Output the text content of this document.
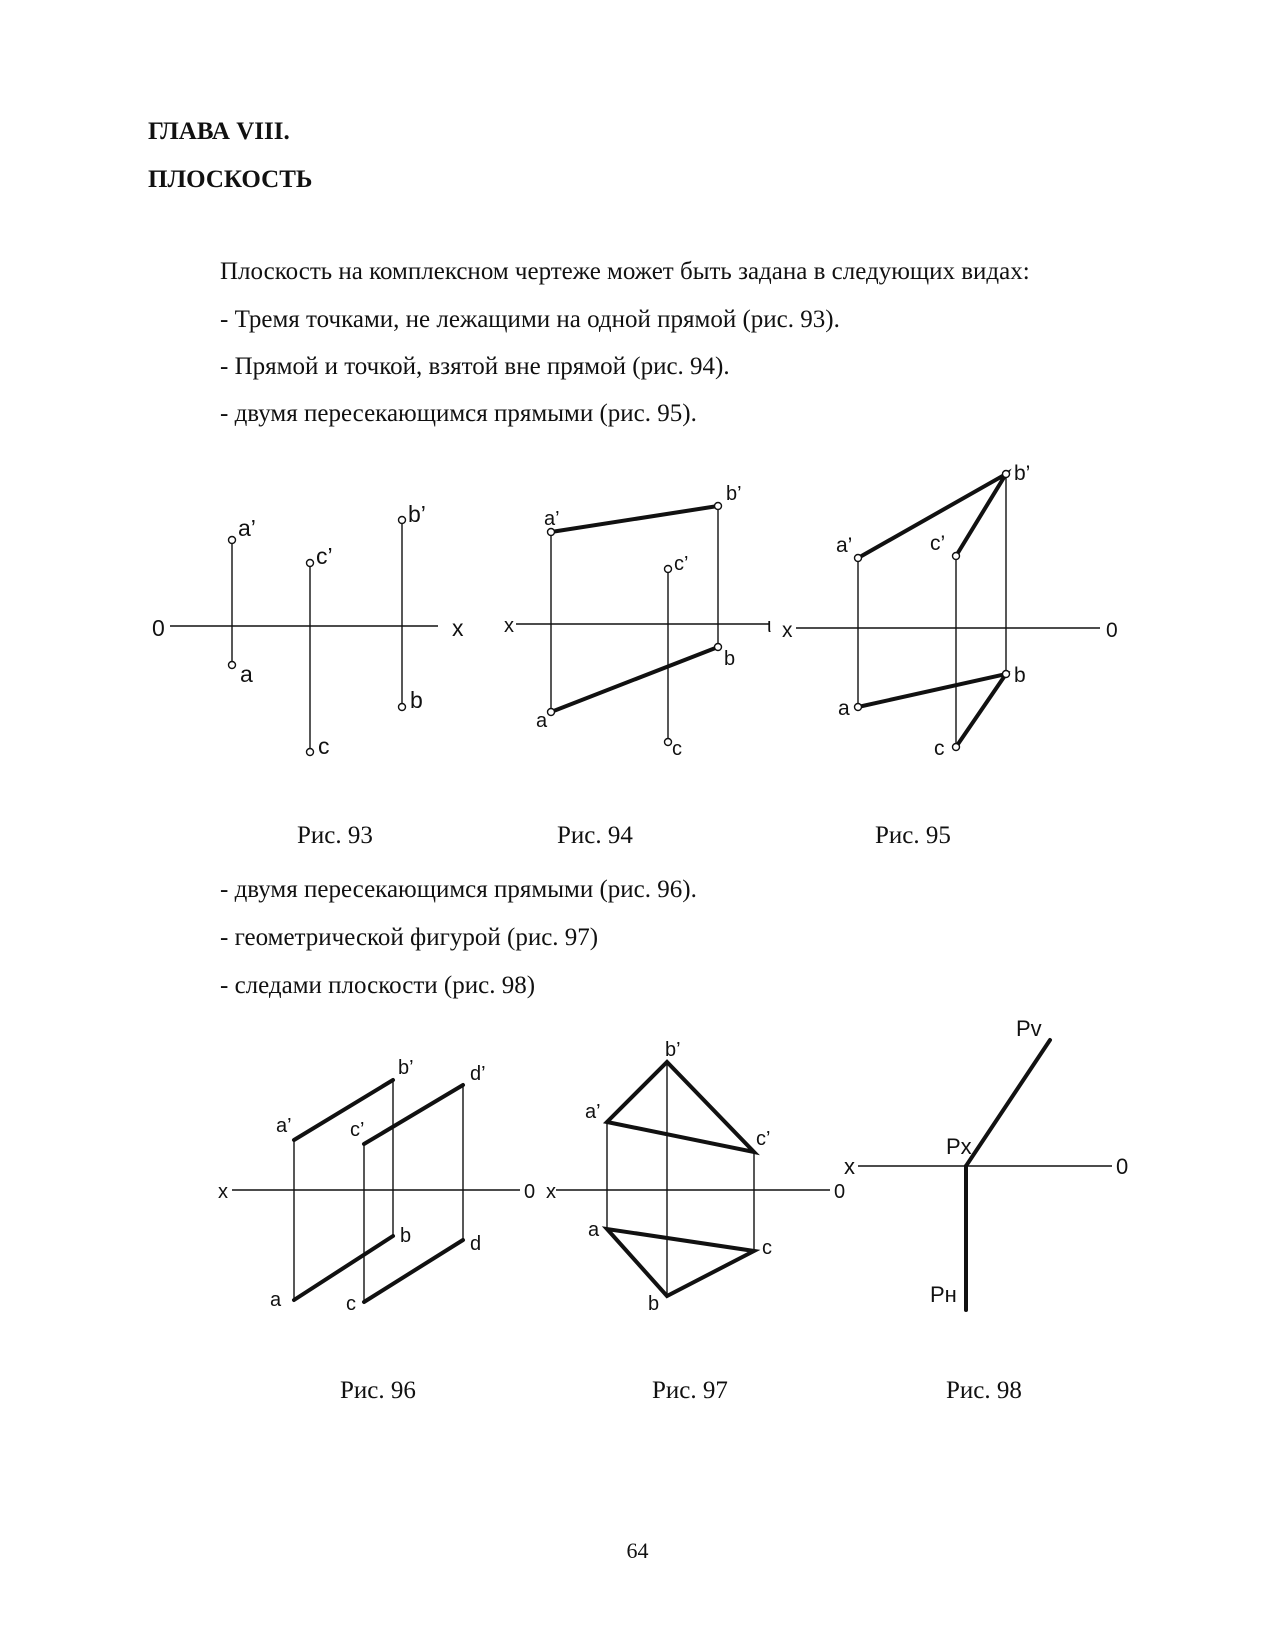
ГЛАВА VIII.
ПЛОСКОСТЬ

Плоскость на комплексном чертеже может быть задана в следующих видах:

- Тремя точками, не лежащими на одной прямой (рис. 93).

- Прямой и точкой, взятой вне прямой (рис. 94).

- двумя пересекающимся прямыми (рис. 95).

0	x
a’
a
c’
c
b’
b
x	ι
a’
b’
c’
a
b
c
x	0
a’
b’
c’
a
b
c

Рис. 93	Рис. 94	Рис. 95

- двумя пересекающимся прямыми (рис. 96).

- геометрической фигурой (рис. 97)

- следами плоскости (рис. 98)

x	0
a’
b’
c’
d’
a
b
c
d
x	0
a’
b’
c’
a
b
c
x	0
Pv
Px
Pн

Рис. 96	Рис. 97	Рис. 98

64
